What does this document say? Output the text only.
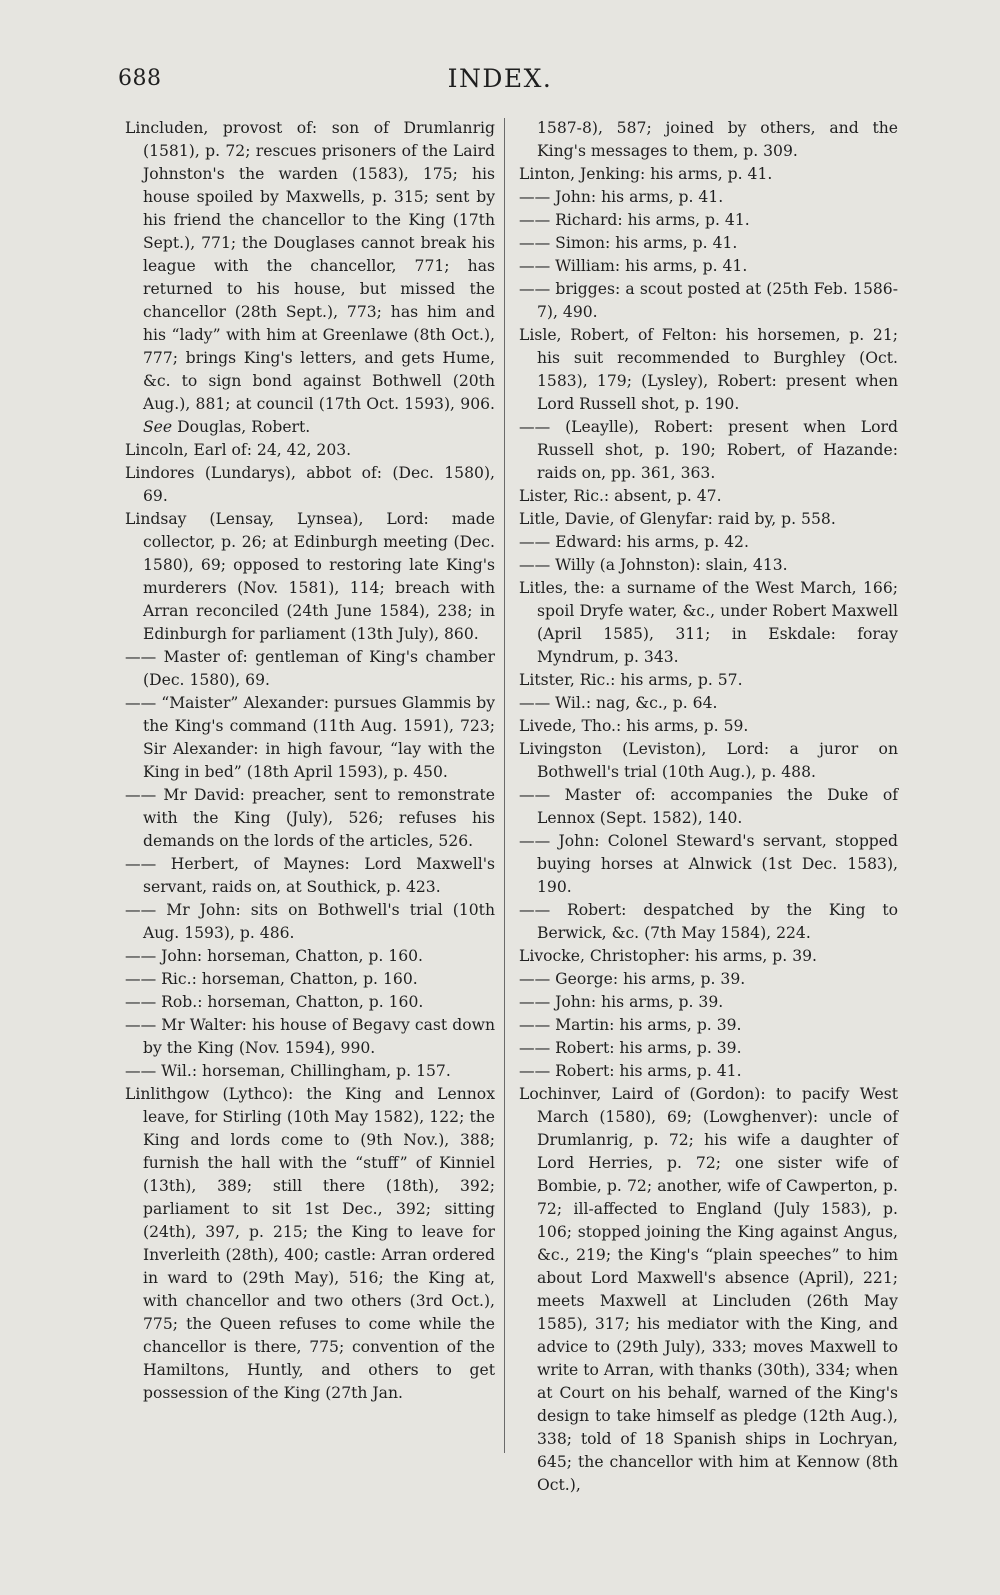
688	INDEX.

Lincluden, provost of: son of Drumlanrig (1581), p. 72; rescues prisoners of the Laird Johnston's the warden (1583), 175; his house spoiled by Maxwells, p. 315; sent by his friend the chancellor to the King (17th Sept.), 771; the Douglases cannot break his league with the chancellor, 771; has returned to his house, but missed the chancellor (28th Sept.), 773; has him and his “lady” with him at Greenlawe (8th Oct.), 777; brings King's letters, and gets Hume, &c. to sign bond against Bothwell (20th Aug.), 881; at council (17th Oct. 1593), 906. See Douglas, Robert.

Lincoln, Earl of: 24, 42, 203.

Lindores (Lundarys), abbot of: (Dec. 1580), 69.

Lindsay (Lensay, Lynsea), Lord: made collector, p. 26; at Edinburgh meeting (Dec. 1580), 69; opposed to restoring late King's murderers (Nov. 1581), 114; breach with Arran reconciled (24th June 1584), 238; in Edinburgh for parliament (13th July), 860.

—— Master of: gentleman of King's chamber (Dec. 1580), 69.

—— “Maister” Alexander: pursues Glammis by the King's command (11th Aug. 1591), 723; Sir Alexander: in high favour, “lay with the King in bed” (18th April 1593), p. 450.

—— Mr David: preacher, sent to remonstrate with the King (July), 526; refuses his demands on the lords of the articles, 526.

—— Herbert, of Maynes: Lord Maxwell's servant, raids on, at Southick, p. 423.

—— Mr John: sits on Bothwell's trial (10th Aug. 1593), p. 486.

—— John: horseman, Chatton, p. 160.

—— Ric.: horseman, Chatton, p. 160.

—— Rob.: horseman, Chatton, p. 160.

—— Mr Walter: his house of Begavy cast down by the King (Nov. 1594), 990.

—— Wil.: horseman, Chillingham, p. 157.

Linlithgow (Lythco): the King and Lennox leave, for Stirling (10th May 1582), 122; the King and lords come to (9th Nov.), 388; furnish the hall with the “stuff” of Kinniel (13th), 389; still there (18th), 392; parliament to sit 1st Dec., 392; sitting (24th), 397, p. 215; the King to leave for Inverleith (28th), 400; castle: Arran ordered in ward to (29th May), 516; the King at, with chancellor and two others (3rd Oct.), 775; the Queen refuses to come while the chancellor is there, 775; convention of the Hamiltons, Huntly, and others to get possession of the King (27th Jan.

1587-8), 587; joined by others, and the King's messages to them, p. 309.

Linton, Jenking: his arms, p. 41.

—— John: his arms, p. 41.

—— Richard: his arms, p. 41.

—— Simon: his arms, p. 41.

—— William: his arms, p. 41.

—— brigges: a scout posted at (25th Feb. 1586-7), 490.

Lisle, Robert, of Felton: his horsemen, p. 21; his suit recommended to Burghley (Oct. 1583), 179; (Lysley), Robert: present when Lord Russell shot, p. 190.

—— (Leaylle), Robert: present when Lord Russell shot, p. 190; Robert, of Hazande: raids on, pp. 361, 363.

Lister, Ric.: absent, p. 47.

Litle, Davie, of Glenyfar: raid by, p. 558.

—— Edward: his arms, p. 42.

—— Willy (a Johnston): slain, 413.

Litles, the: a surname of the West March, 166; spoil Dryfe water, &c., under Robert Maxwell (April 1585), 311; in Eskdale: foray Myndrum, p. 343.

Litster, Ric.: his arms, p. 57.

—— Wil.: nag, &c., p. 64.

Livede, Tho.: his arms, p. 59.

Livingston (Leviston), Lord: a juror on Bothwell's trial (10th Aug.), p. 488.

—— Master of: accompanies the Duke of Lennox (Sept. 1582), 140.

—— John: Colonel Steward's servant, stopped buying horses at Alnwick (1st Dec. 1583), 190.

—— Robert: despatched by the King to Berwick, &c. (7th May 1584), 224.

Livocke, Christopher: his arms, p. 39.

—— George: his arms, p. 39.

—— John: his arms, p. 39.

—— Martin: his arms, p. 39.

—— Robert: his arms, p. 39.

—— Robert: his arms, p. 41.

Lochinver, Laird of (Gordon): to pacify West March (1580), 69; (Lowghenver): uncle of Drumlanrig, p. 72; his wife a daughter of Lord Herries, p. 72; one sister wife of Bombie, p. 72; another, wife of Cawperton, p. 72; ill-affected to England (July 1583), p. 106; stopped joining the King against Angus, &c., 219; the King's “plain speeches” to him about Lord Maxwell's absence (April), 221; meets Maxwell at Lincluden (26th May 1585), 317; his mediator with the King, and advice to (29th July), 333; moves Maxwell to write to Arran, with thanks (30th), 334; when at Court on his behalf, warned of the King's design to take himself as pledge (12th Aug.), 338; told of 18 Spanish ships in Lochryan, 645; the chancellor with him at Kennow (8th Oct.),
